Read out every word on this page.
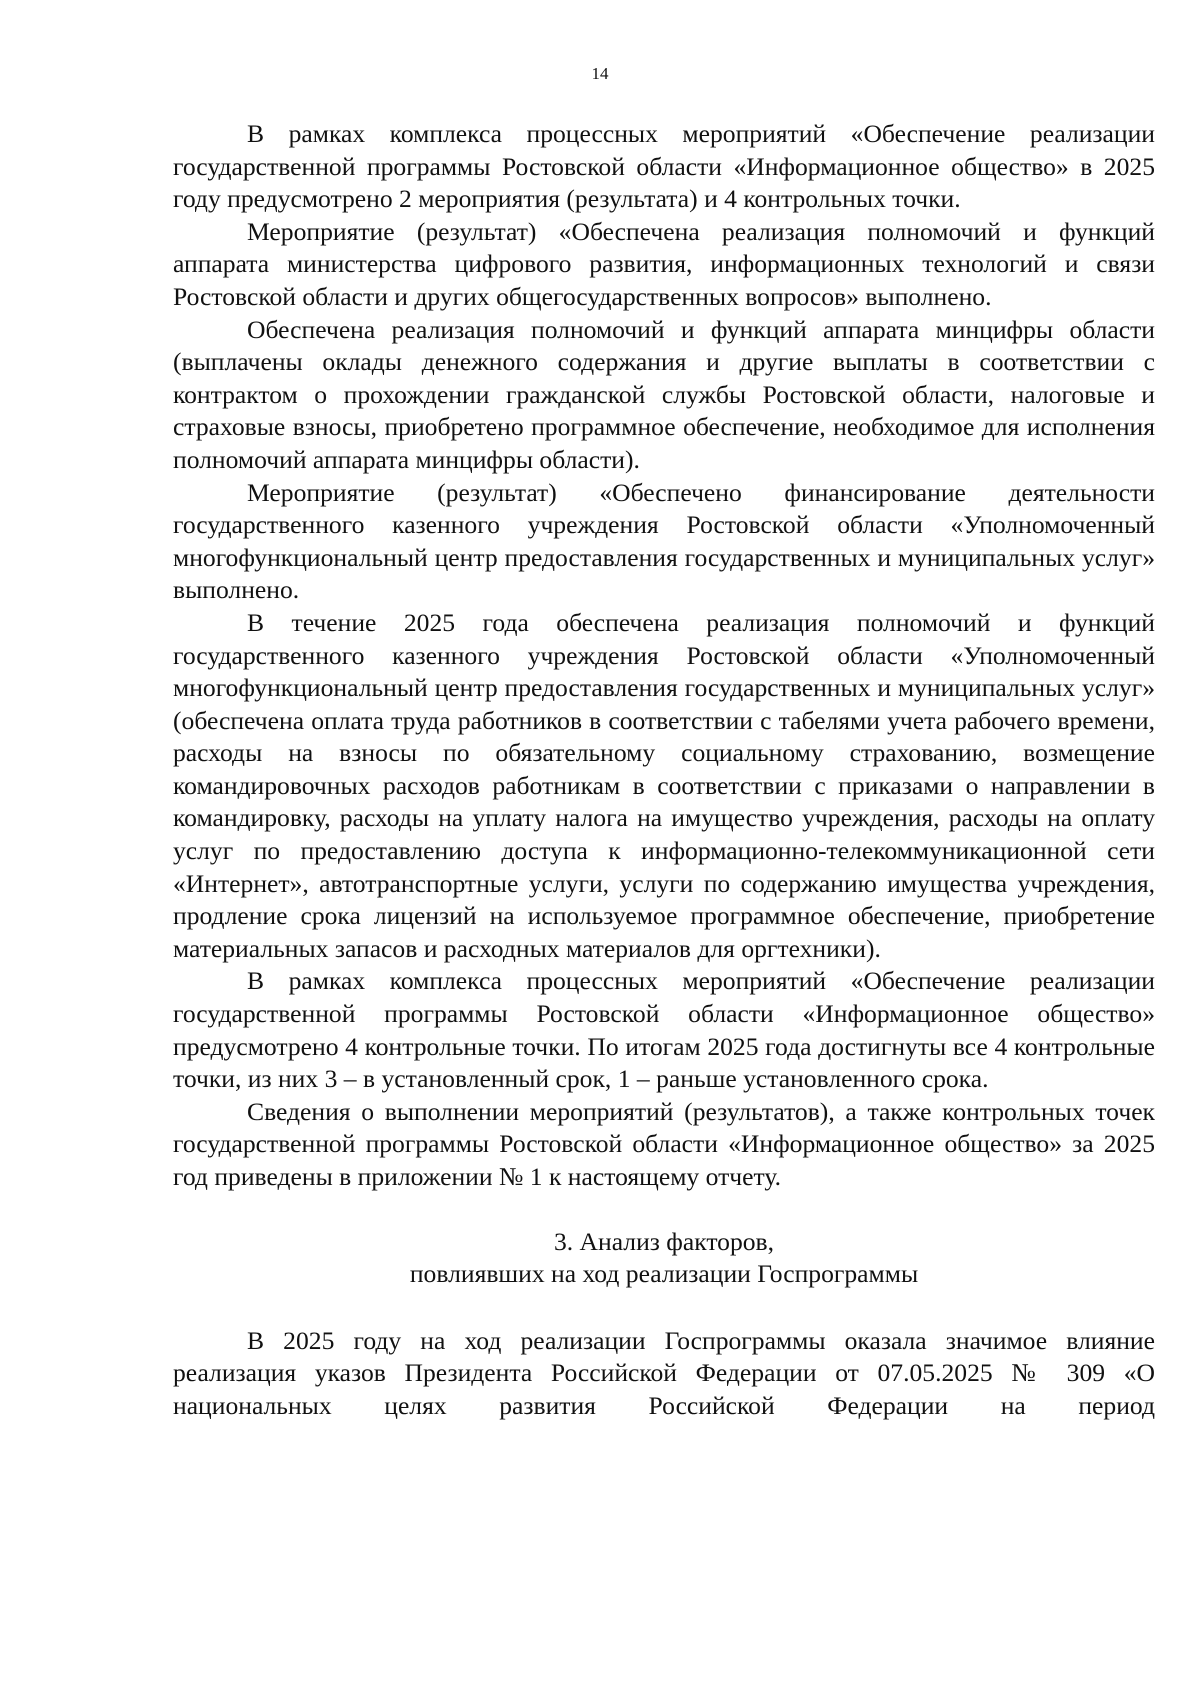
14

В рамках комплекса процессных мероприятий «Обеспечение реализации государственной программы Ростовской области «Информационное общество» в 2025 году предусмотрено 2 мероприятия (результата) и 4 контрольных точки.

Мероприятие (результат) «Обеспечена реализация полномочий и функций аппарата министерства цифрового развития, информационных технологий и связи Ростовской области и других общегосударственных вопросов» выполнено.

Обеспечена реализация полномочий и функций аппарата минцифры области (выплачены оклады денежного содержания и другие выплаты в соответствии с контрактом о прохождении гражданской службы Ростовской области, налоговые и страховые взносы, приобретено программное обеспечение, необходимое для исполнения полномочий аппарата минцифры области).

Мероприятие (результат) «Обеспечено финансирование деятельности государственного казенного учреждения Ростовской области «Уполномоченный многофункциональный центр предоставления государственных и муниципальных услуг» выполнено.

В течение 2025 года обеспечена реализация полномочий и функций государственного казенного учреждения Ростовской области «Уполномоченный многофункциональный центр предоставления государственных и муниципальных услуг» (обеспечена оплата труда работников в соответствии с табелями учета рабочего времени, расходы на взносы по обязательному социальному страхованию, возмещение командировочных расходов работникам в соответствии с приказами о направлении в командировку, расходы на уплату налога на имущество учреждения, расходы на оплату услуг по предоставлению доступа к информационно-телекоммуникационной сети «Интернет», автотранспортные услуги, услуги по содержанию имущества учреждения, продление срока лицензий на используемое программное обеспечение, приобретение материальных запасов и расходных материалов для оргтехники).

В рамках комплекса процессных мероприятий «Обеспечение реализации государственной программы Ростовской области «Информационное общество» предусмотрено 4 контрольные точки. По итогам 2025 года достигнуты все 4 контрольные точки, из них 3 – в установленный срок, 1 – раньше установленного срока.

Сведения о выполнении мероприятий (результатов), а также контрольных точек государственной программы Ростовской области «Информационное общество» за 2025 год приведены в приложении № 1 к настоящему отчету.

3. Анализ факторов,
повлиявших на ход реализации Госпрограммы

В 2025 году на ход реализации Госпрограммы оказала значимое влияние реализация указов Президента Российской Федерации от 07.05.2025 № 309 «О национальных целях развития Российской Федерации на период
